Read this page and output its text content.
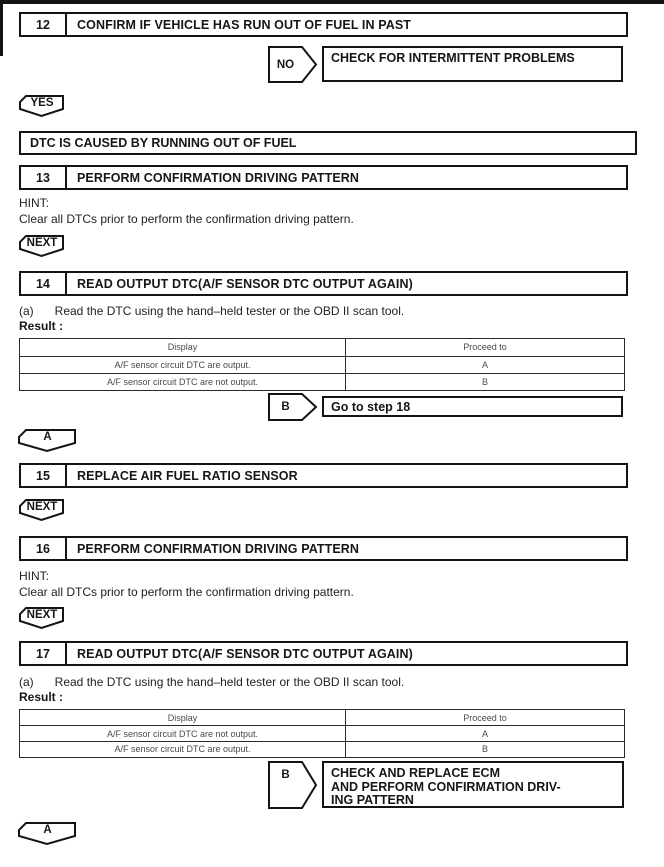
12	CONFIRM IF VEHICLE HAS RUN OUT OF FUEL IN PAST
NO	CHECK FOR INTERMITTENT PROBLEMS
YES
DTC IS CAUSED BY RUNNING OUT OF FUEL
13	PERFORM CONFIRMATION DRIVING PATTERN
HINT:
Clear all DTCs prior to perform the confirmation driving pattern.
NEXT
14	READ OUTPUT DTC(A/F SENSOR DTC OUTPUT AGAIN)
(a) Read the DTC using the hand–held tester or the OBD II scan tool.
Result :
Display	Proceed to
A/F sensor circuit DTC are output.	A
A/F sensor circuit DTC are not output.	B
B	Go to step 18
A
15	REPLACE AIR FUEL RATIO SENSOR
NEXT
16	PERFORM CONFIRMATION DRIVING PATTERN
HINT:
Clear all DTCs prior to perform the confirmation driving pattern.
NEXT
17	READ OUTPUT DTC(A/F SENSOR DTC OUTPUT AGAIN)
(a) Read the DTC using the hand–held tester or the OBD II scan tool.
Result :
Display	Proceed to
A/F sensor circuit DTC are not output.	A
A/F sensor circuit DTC are output.	B
B	CHECK AND REPLACE ECM
AND PERFORM CONFIRMATION DRIV-
ING PATTERN
A
